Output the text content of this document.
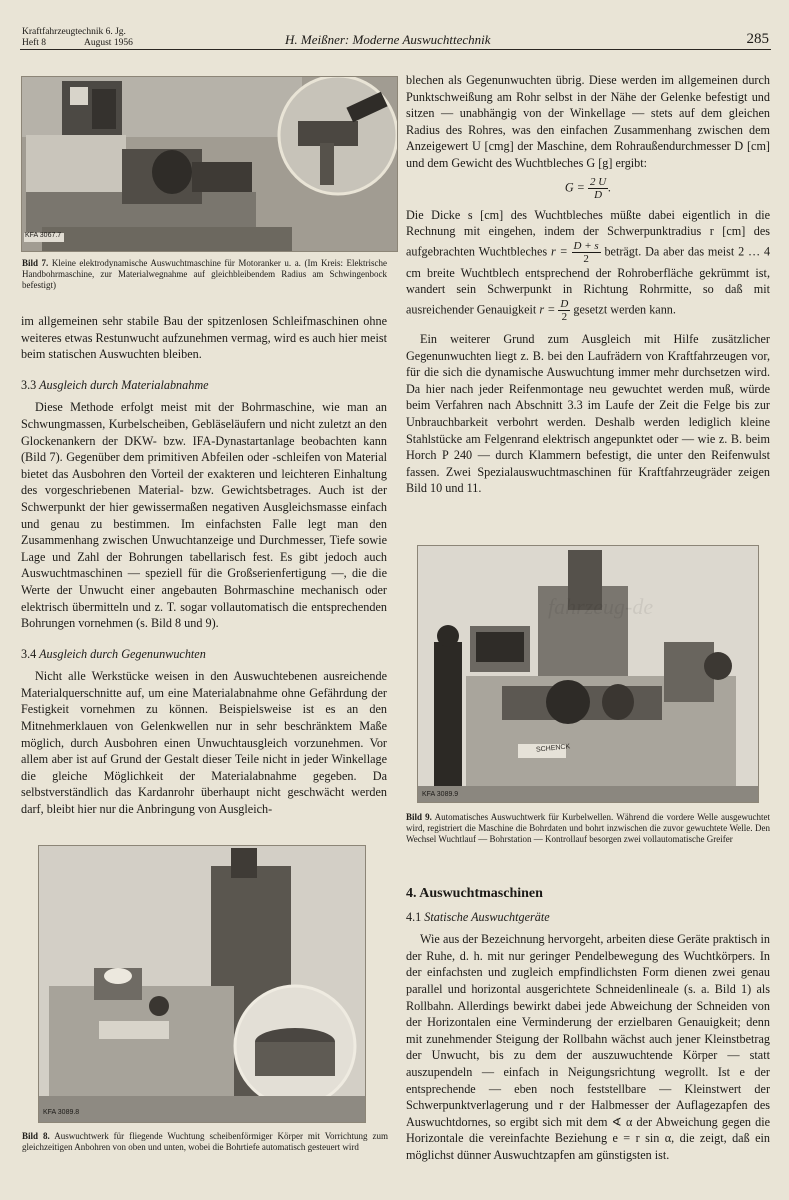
Kraftfahrzeugtechnik 6. Jg.
Heft 8	August 1956	H. Meißner: Moderne Auswuchttechnik	285
KFA 3067.7
Bild 7. Kleine elektrodynamische Auswuchtmaschine für Motoranker u. a. (Im Kreis: Elektrische Handbohrmaschine, zur Materialwegnahme auf gleichbleibendem Radius am Schwingenbock befestigt)

im allgemeinen sehr stabile Bau der spitzenlosen Schleifmaschinen ohne weiteres etwas Restunwucht aufzunehmen vermag, wird es auch hier meist beim statischen Auswuchten bleiben.

3.3 Ausgleich durch Materialabnahme

Diese Methode erfolgt meist mit der Bohrmaschine, wie man an Schwungmassen, Kurbelscheiben, Gebläseläufern und nicht zuletzt an den Glockenankern der DKW- bzw. IFA-Dynastartanlage beobachten kann (Bild 7). Gegenüber dem primitiven Abfeilen oder -schleifen von Material bietet das Ausbohren den Vorteil der exakteren und leichteren Einhaltung des vorgeschriebenen Material- bzw. Gewichtsbetrages. Auch ist der Schwerpunkt der hier gewissermaßen negativen Ausgleichsmasse einfach und genau zu bestimmen. Im einfachsten Falle legt man den Zusammenhang zwischen Unwuchtanzeige und Durchmesser, Tiefe sowie Lage und Zahl der Bohrungen tabellarisch fest. Es gibt jedoch auch Auswuchtmaschinen — speziell für die Großserienfertigung —, die die Werte der Unwucht einer angebauten Bohrmaschine mechanisch oder elektrisch übermitteln und z. T. sogar vollautomatisch die entsprechenden Bohrungen vornehmen (s. Bild 8 und 9).

3.4 Ausgleich durch Gegenunwuchten

Nicht alle Werkstücke weisen in den Auswuchtebenen ausreichende Materialquerschnitte auf, um eine Materialabnahme ohne Gefährdung der Festigkeit vornehmen zu können. Beispielsweise ist es an den Mitnehmerklauen von Gelenkwellen nur in sehr beschränktem Maße möglich, durch Ausbohren einen Unwuchtausgleich vorzunehmen. Vor allem aber ist auf Grund der Gestalt dieser Teile nicht in jeder Winkellage die gleiche Möglichkeit der Materialabnahme gegeben. Da selbstverständlich das Kardanrohr überhaupt nicht geschwächt werden darf, bleibt hier nur die Anbringung von Ausgleich-

KFA 3089.8
Bild 8. Auswuchtwerk für fliegende Wuchtung scheibenförmiger Körper mit Vorrichtung zum gleichzeitigen Anbohren von oben und unten, wobei die Bohrtiefe automatisch gesteuert wird

blechen als Gegenunwuchten übrig. Diese werden im allgemeinen durch Punktschweißung am Rohr selbst in der Nähe der Gelenke befestigt und sitzen — unabhängig von der Winkellage — stets auf dem gleichen Radius des Rohres, was den einfachen Zusammenhang zwischen dem Anzeigewert U [cmg] der Maschine, dem Rohraußendurchmesser D [cm] und dem Gewicht des Wuchtbleches G [g] ergibt:

$G = \frac{2 U}{D}$ .

Die Dicke s [cm] des Wuchtbleches müßte dabei eigentlich in die Rechnung mit eingehen, indem der Schwerpunktradius r [cm] des aufgebrachten Wuchtbleches $r = \frac{D + s}{2}$ beträgt. Da aber das meist 2 … 4 cm breite Wuchtblech entsprechend der Rohroberfläche gekrümmt ist, wandert sein Schwerpunkt in Richtung Rohrmitte, so daß mit ausreichender Genauigkeit $r = \frac{D}{2}$ gesetzt werden kann.

Ein weiterer Grund zum Ausgleich mit Hilfe zusätzlicher Gegenunwuchten liegt z. B. bei den Laufrädern von Kraftfahrzeugen vor, für die sich die dynamische Auswuchtung immer mehr durchsetzen wird. Da hier nach jeder Reifenmontage neu gewuchtet werden muß, würde beim Verfahren nach Abschnitt 3.3 im Laufe der Zeit die Felge bis zur Unbrauchbarkeit verbohrt werden. Deshalb werden lediglich kleine Stahlstücke am Felgenrand elektrisch angepunktet oder — wie z. B. beim Horch P 240 — durch Klammern befestigt, die unter den Reifenwulst fassen. Zwei Spezialauswuchtmaschinen für Kraftfahrzeugräder zeigen Bild 10 und 11.

SCHENCK
KFA 3089.9
fahrzeug-de
Bild 9. Automatisches Auswuchtwerk für Kurbelwellen. Während die vordere Welle ausgewuchtet wird, registriert die Maschine die Bohrdaten und bohrt inzwischen die zuvor gewuchtete Welle. Den Wechsel Wuchtlauf — Bohrstation — Kontrollauf besorgen zwei vollautomatische Greifer
4. Auswuchtmaschinen
4.1 Statische Auswuchtgeräte

Wie aus der Bezeichnung hervorgeht, arbeiten diese Geräte praktisch in der Ruhe, d. h. mit nur geringer Pendelbewegung des Wuchtkörpers. In der einfachsten und zugleich empfindlichsten Form dienen zwei genau parallel und horizontal ausgerichtete Schneidenlineale (s. a. Bild 1) als Rollbahn. Allerdings bewirkt dabei jede Abweichung der Schneiden von der Horizontalen eine Verminderung der erzielbaren Genauigkeit; denn mit zunehmender Steigung der Rollbahn wächst auch jener Kleinstbetrag der Unwucht, bis zu dem der auszuwuchtende Körper — statt auszupendeln — einfach in Neigungsrichtung wegrollt. Ist e der entsprechende — eben noch feststellbare — Kleinstwert der Schwerpunktverlagerung und r der Halbmesser der Auflagezapfen des Auswuchtdornes, so ergibt sich mit dem ∢ α der Abweichung gegen die Horizontale die vereinfachte Beziehung e = r sin α, die zeigt, daß ein möglichst dünner Auswuchtzapfen am günstigsten ist.
